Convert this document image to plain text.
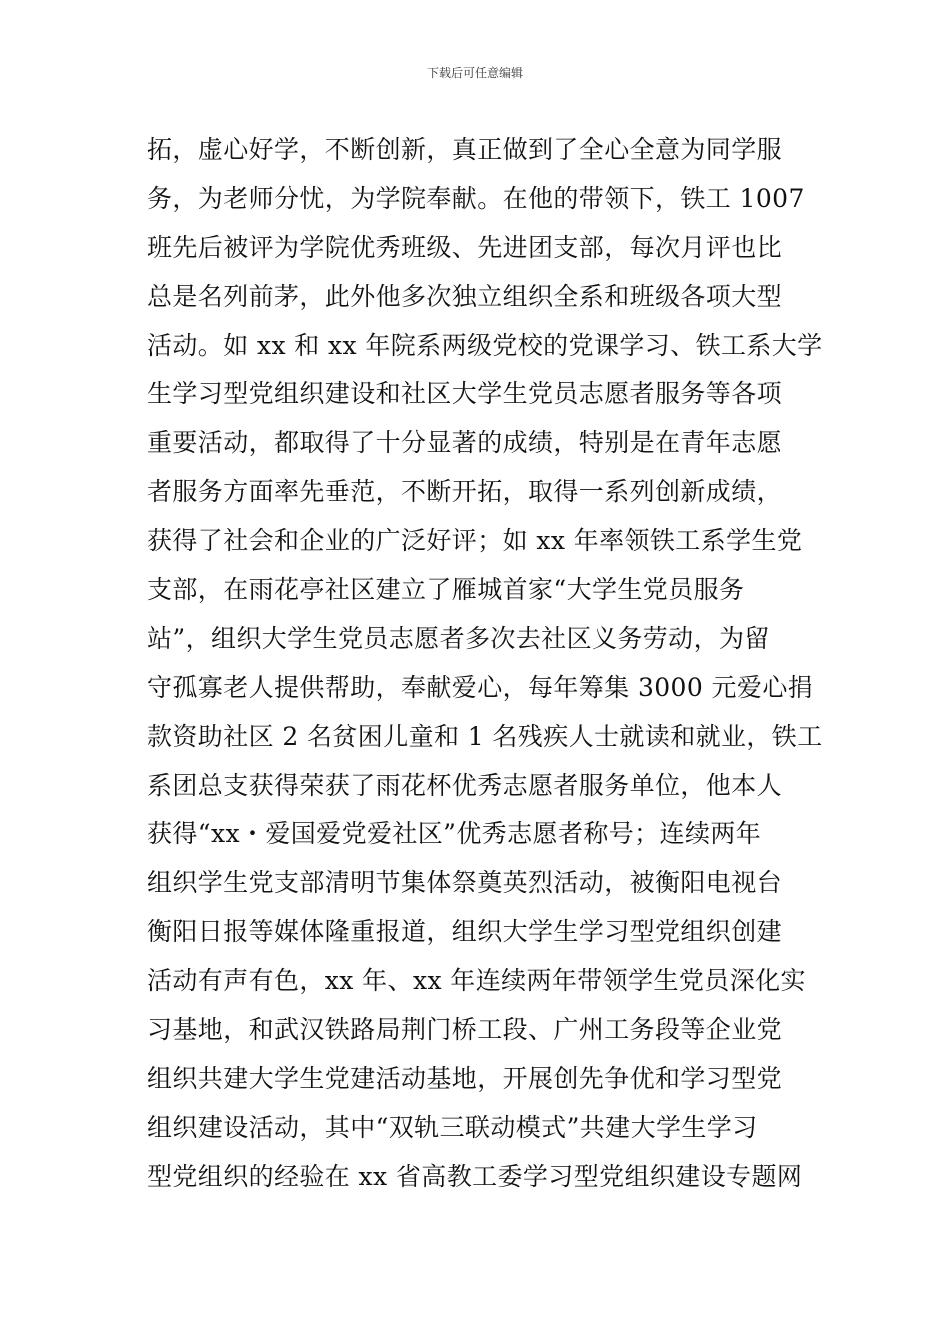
下载后可任意编辑
拓，虚心好学，不断创新，真正做到了全心全意为同学服
务，为老师分忧，为学院奉献。在他的带领下，铁工 1007
班先后被评为学院优秀班级、先进团支部，每次月评也比
总是名列前茅，此外他多次独立组织全系和班级各项大型
活动。如 xx 和 xx 年院系两级党校的党课学习、铁工系大学
生学习型党组织建设和社区大学生党员志愿者服务等各项
重要活动，都取得了十分显著的成绩，特别是在青年志愿
者服务方面率先垂范，不断开拓，取得一系列创新成绩，
获得了社会和企业的广泛好评；如 xx 年率领铁工系学生党
支部，在雨花亭社区建立了雁城首家“大学生党员服务
站”，组织大学生党员志愿者多次去社区义务劳动，为留
守孤寡老人提供帮助，奉献爱心，每年筹集 3000 元爱心捐
款资助社区 2 名贫困儿童和 1 名残疾人士就读和就业，铁工
系团总支获得荣获了雨花杯优秀志愿者服务单位，他本人
获得“xx・爱国爱党爱社区”优秀志愿者称号；连续两年
组织学生党支部清明节集体祭奠英烈活动，被衡阳电视台
衡阳日报等媒体隆重报道，组织大学生学习型党组织创建
活动有声有色，xx 年、xx 年连续两年带领学生党员深化实
习基地，和武汉铁路局荆门桥工段、广州工务段等企业党
组织共建大学生党建活动基地，开展创先争优和学习型党
组织建设活动，其中“双轨三联动模式”共建大学生学习
型党组织的经验在 xx 省高教工委学习型党组织建设专题网
